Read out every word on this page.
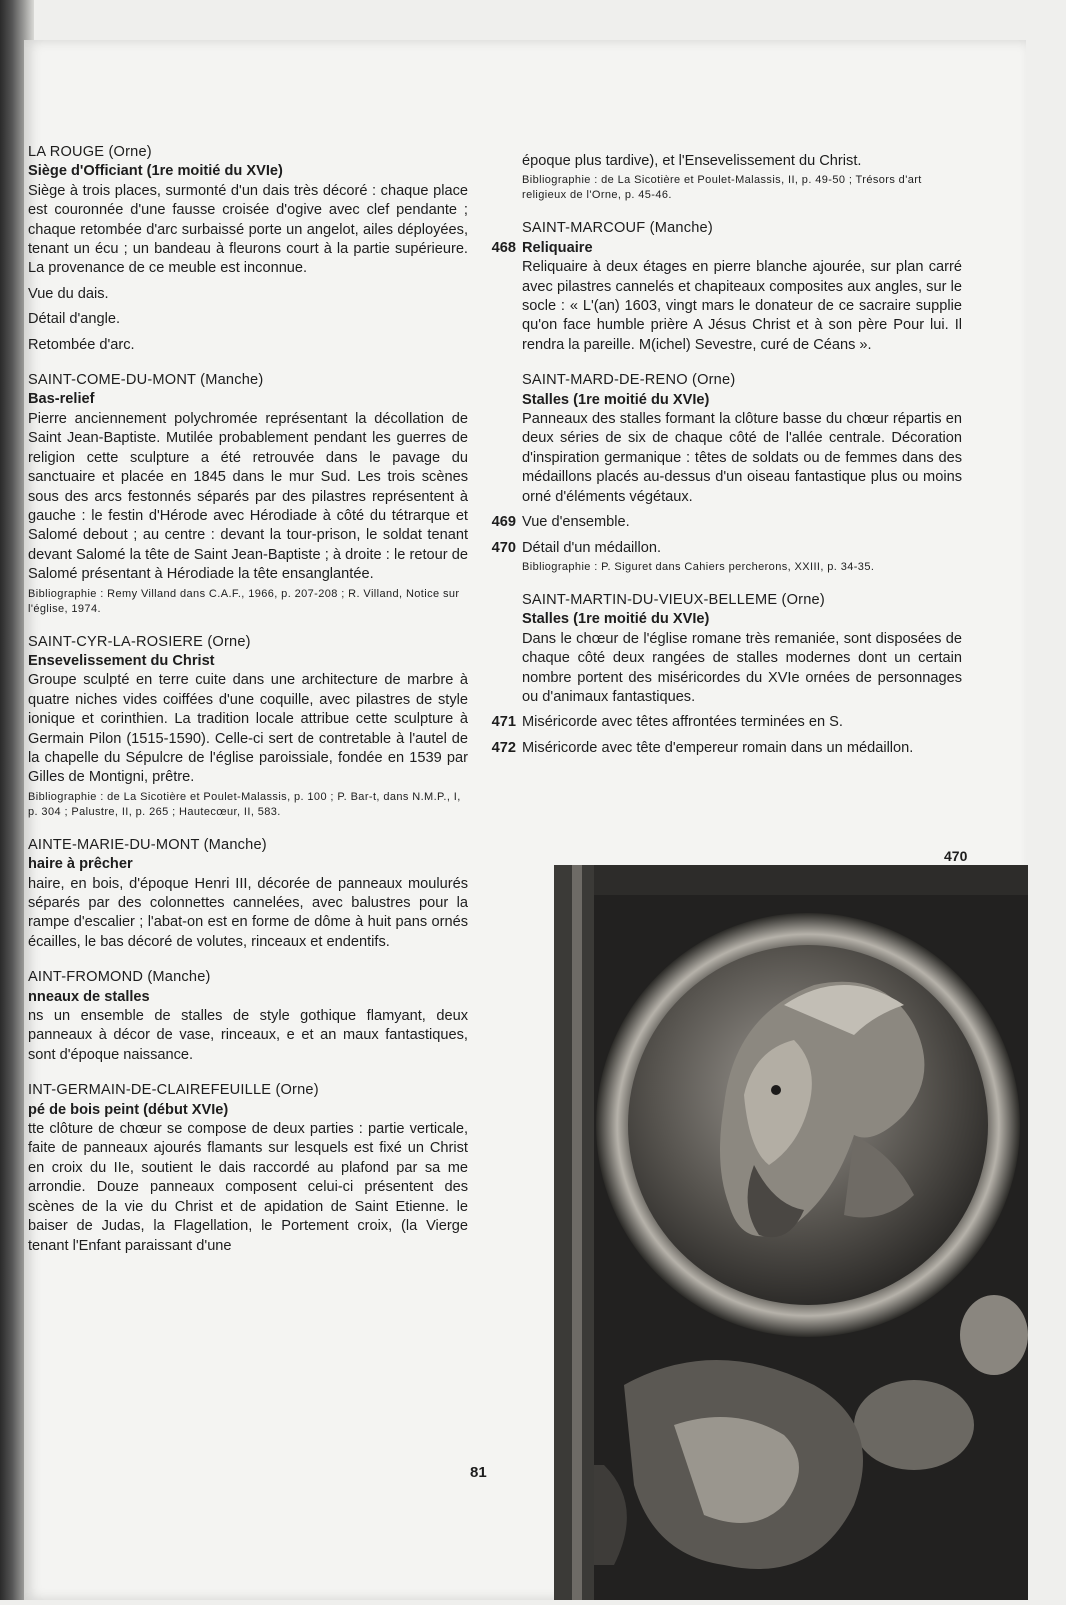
LA ROUGE (Orne)
Siège d'Officiant (1re moitié du XVIe)
Siège à trois places, surmonté d'un dais très décoré : chaque place est couronnée d'une fausse croisée d'ogive avec clef pendante ; chaque retombée d'arc surbaissé porte un angelot, ailes déployées, tenant un écu ; un bandeau à fleurons court à la partie supérieure. La provenance de ce meuble est inconnue.
Vue du dais.
Détail d'angle.
Retombée d'arc.
SAINT-COME-DU-MONT (Manche)
Bas-relief
Pierre anciennement polychromée représentant la décollation de Saint Jean-Baptiste. Mutilée probablement pendant les guerres de religion cette sculpture a été retrouvée dans le pavage du sanctuaire et placée en 1845 dans le mur Sud. Les trois scènes sous des arcs festonnés séparés par des pilastres représentent à gauche : le festin d'Hérode avec Hérodiade à côté du tétrarque et Salomé debout ; au centre : devant la tour-prison, le soldat tenant devant Salomé la tête de Saint Jean-Baptiste ; à droite : le retour de Salomé présentant à Hérodiade la tête ensanglantée.
Bibliographie : Remy Villand dans C.A.F., 1966, p. 207-208 ; R. Villand, Notice sur l'église, 1974.
SAINT-CYR-LA-ROSIERE (Orne)
Ensevelissement du Christ
Groupe sculpté en terre cuite dans une architecture de marbre à quatre niches vides coiffées d'une coquille, avec pilastres de style ionique et corinthien. La tradition locale attribue cette sculpture à Germain Pilon (1515-1590). Celle-ci sert de contretable à l'autel de la chapelle du Sépulcre de l'église paroissiale, fondée en 1539 par Gilles de Montigni, prêtre.
Bibliographie : de La Sicotière et Poulet-Malassis, p. 100 ; P. Bar-t, dans N.M.P., I, p. 304 ; Palustre, II, p. 265 ; Hautecœur, II, 583.
AINTE-MARIE-DU-MONT (Manche)
haire à prêcher
haire, en bois, d'époque Henri III, décorée de panneaux moulurés séparés par des colonnettes cannelées, avec balustres pour la rampe d'escalier ; l'abat-on est en forme de dôme à huit pans ornés écailles, le bas décoré de volutes, rinceaux et endentifs.
AINT-FROMOND (Manche)
nneaux de stalles
ns un ensemble de stalles de style gothique flamyant, deux panneaux à décor de vase, rinceaux, e et an maux fantastiques, sont d'époque naissance.
INT-GERMAIN-DE-CLAIREFEUILLE (Orne)
pé de bois peint (début XVIe)
tte clôture de chœur se compose de deux parties : partie verticale, faite de panneaux ajourés flamants sur lesquels est fixé un Christ en croix du IIe, soutient le dais raccordé au plafond par sa me arrondie. Douze panneaux composent celui-ci présentent des scènes de la vie du Christ et de apidation de Saint Etienne. le baiser de Judas, la Flagellation, le Portement croix, (la Vierge tenant l'Enfant paraissant d'une
époque plus tardive), et l'Ensevelissement du Christ.
Bibliographie : de La Sicotière et Poulet-Malassis, II, p. 49-50 ; Trésors d'art religieux de l'Orne, p. 45-46.
SAINT-MARCOUF (Manche)
468 Reliquaire
Reliquaire à deux étages en pierre blanche ajourée, sur plan carré avec pilastres cannelés et chapiteaux composites aux angles, sur le socle : « L'(an) 1603, vingt mars le donateur de ce sacraire supplie qu'on face humble prière A Jésus Christ et à son père Pour lui. Il rendra la pareille. M(ichel) Sevestre, curé de Céans ».
SAINT-MARD-DE-RENO (Orne)
Stalles (1re moitié du XVIe)
Panneaux des stalles formant la clôture basse du chœur répartis en deux séries de six de chaque côté de l'allée centrale. Décoration d'inspiration germanique : têtes de soldats ou de femmes dans des médaillons placés au-dessus d'un oiseau fantastique plus ou moins orné d'éléments végétaux.
469 Vue d'ensemble.
470 Détail d'un médaillon.
Bibliographie : P. Siguret dans Cahiers percherons, XXIII, p. 34-35.
SAINT-MARTIN-DU-VIEUX-BELLEME (Orne)
Stalles (1re moitié du XVIe)
Dans le chœur de l'église romane très remaniée, sont disposées de chaque côté deux rangées de stalles modernes dont un certain nombre portent des miséricordes du XVIe ornées de personnages ou d'animaux fantastiques.
471 Miséricorde avec têtes affrontées terminées en S.
472 Miséricorde avec tête d'empereur romain dans un médaillon.
470
81
